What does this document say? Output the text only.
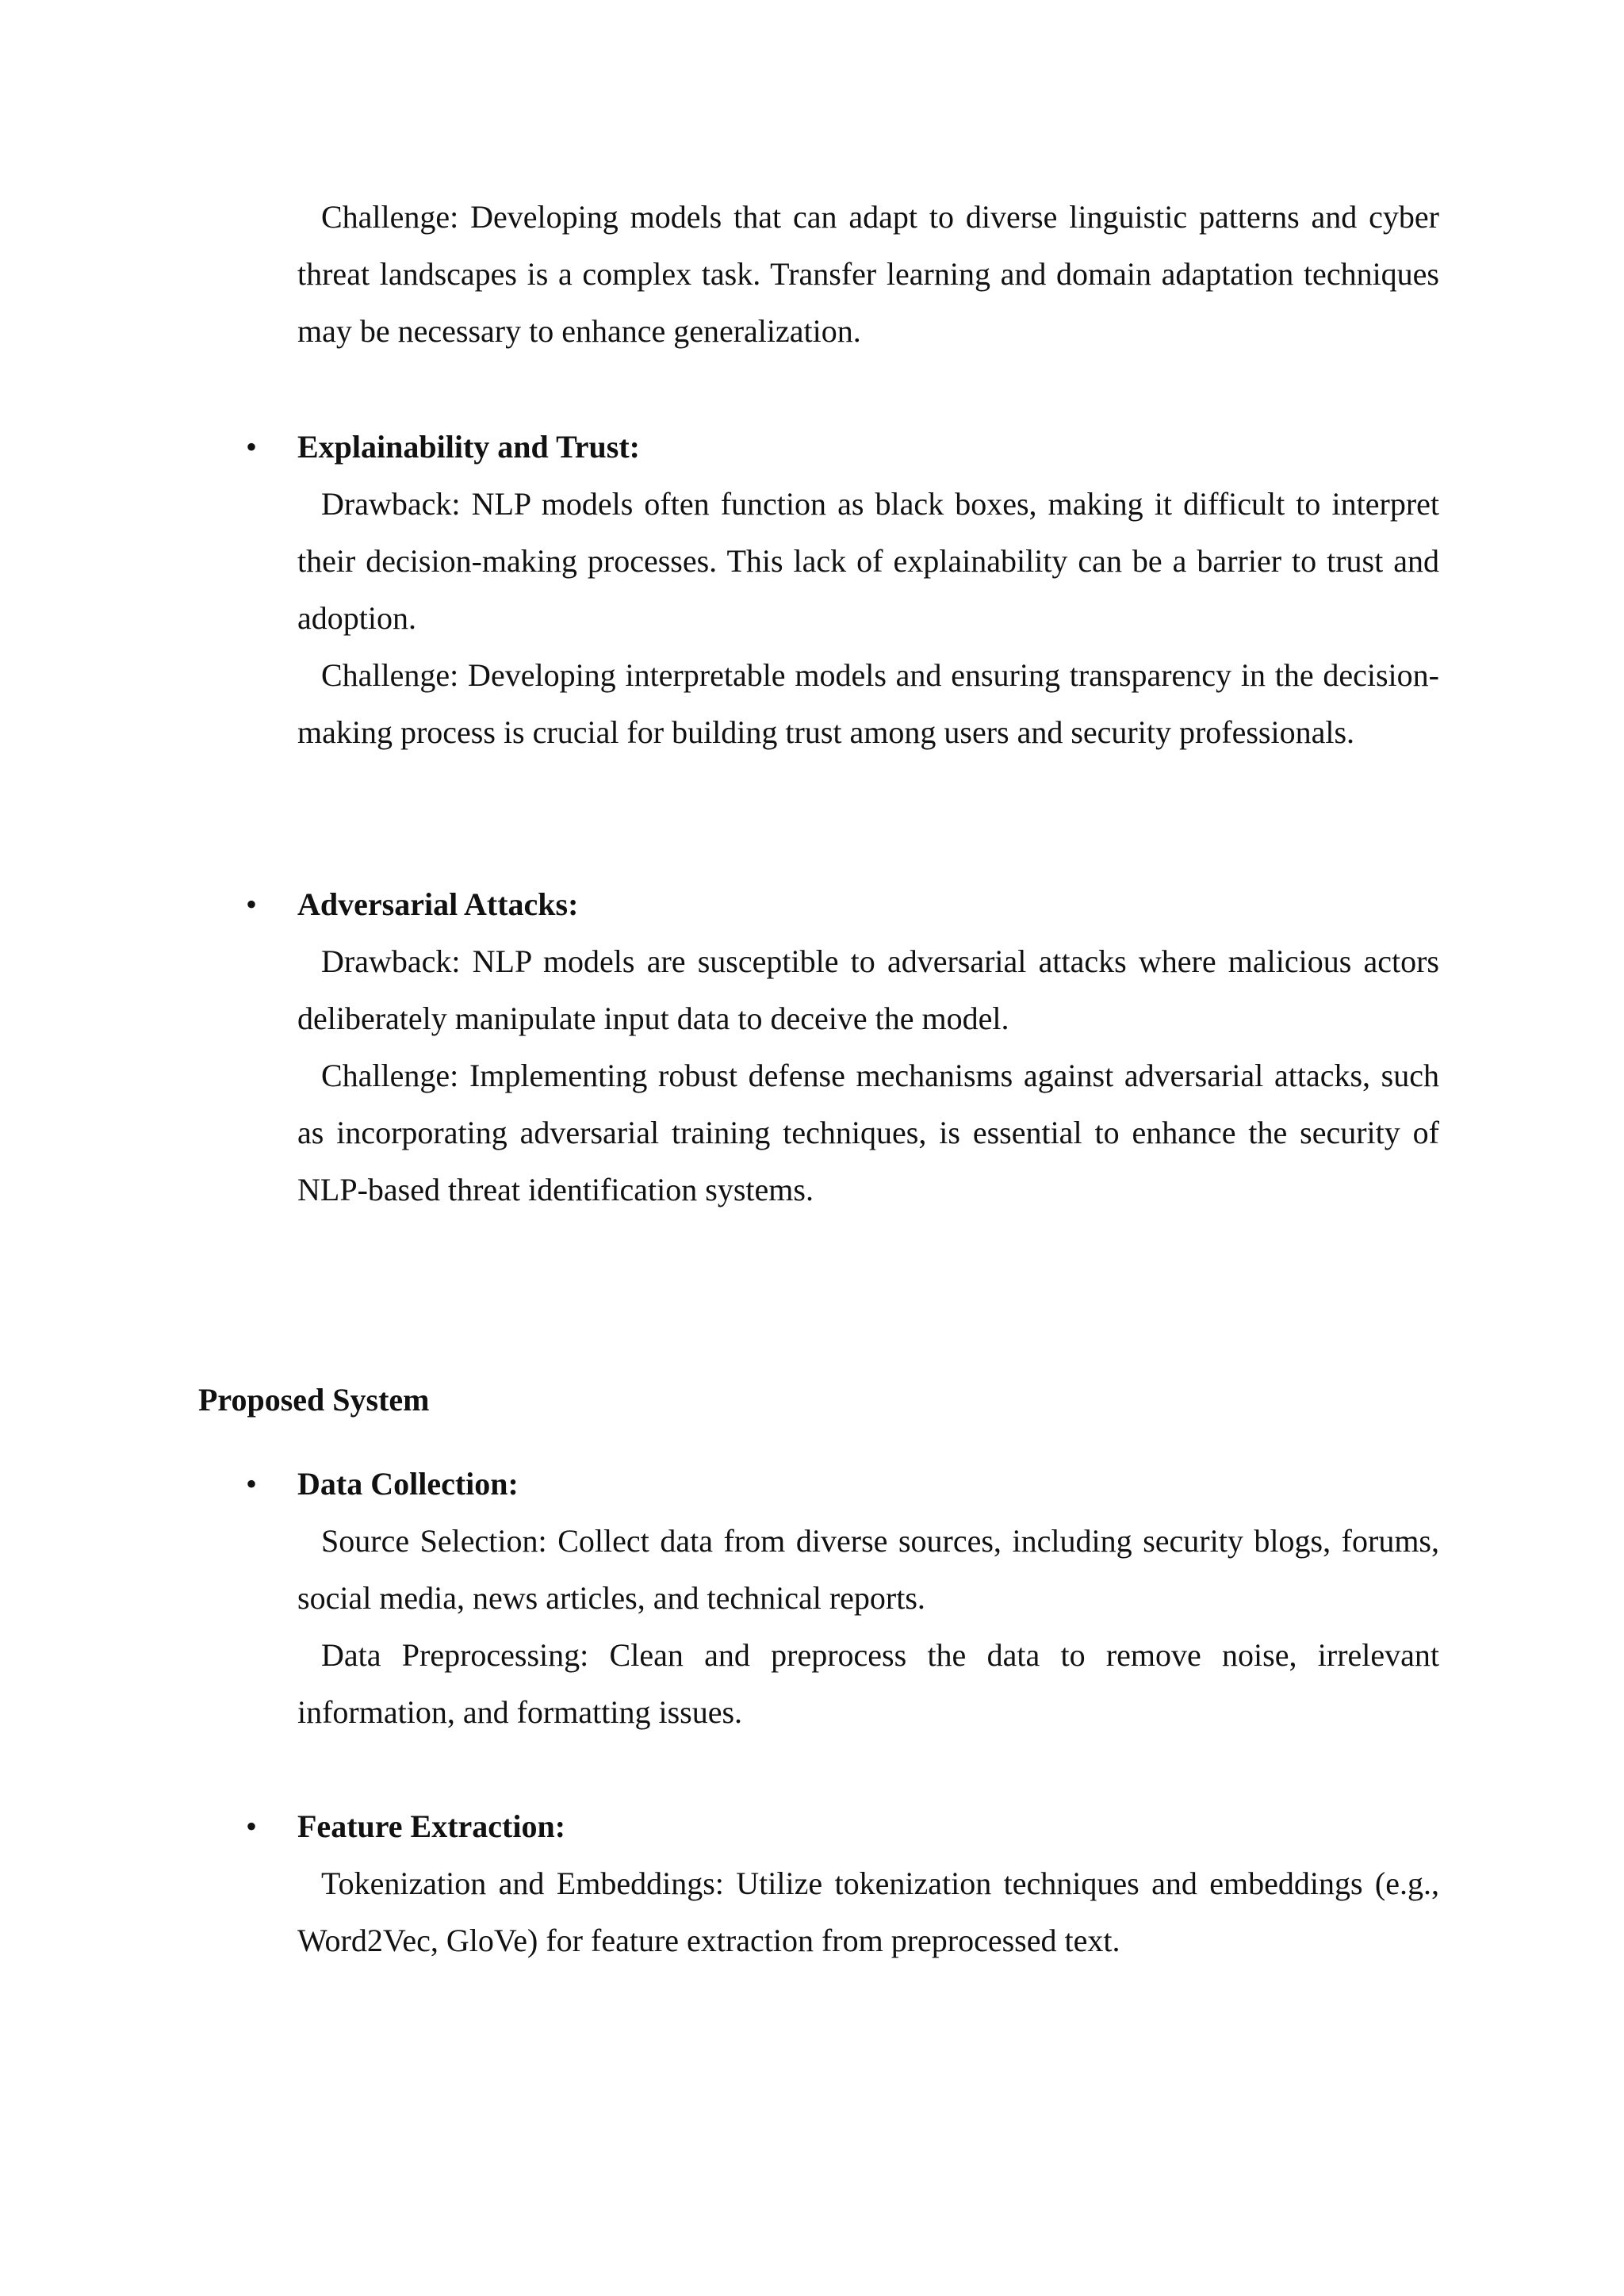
Challenge: Developing models that can adapt to diverse linguistic patterns and cyber threat landscapes is a complex task. Transfer learning and domain adaptation techniques may be necessary to enhance generalization.

• Explainability and Trust:

Drawback: NLP models often function as black boxes, making it difficult to interpret their decision-making processes. This lack of explainability can be a barrier to trust and adoption.

Challenge: Developing interpretable models and ensuring transparency in the decision-making process is crucial for building trust among users and security professionals.

• Adversarial Attacks:

Drawback: NLP models are susceptible to adversarial attacks where malicious actors deliberately manipulate input data to deceive the model.

Challenge: Implementing robust defense mechanisms against adversarial attacks, such as incorporating adversarial training techniques, is essential to enhance the security of NLP-based threat identification systems.

Proposed System

• Data Collection:

Source Selection: Collect data from diverse sources, including security blogs, forums, social media, news articles, and technical reports.

Data Preprocessing: Clean and preprocess the data to remove noise, irrelevant information, and formatting issues.

• Feature Extraction:

Tokenization and Embeddings: Utilize tokenization techniques and embeddings (e.g., Word2Vec, GloVe) for feature extraction from preprocessed text.
